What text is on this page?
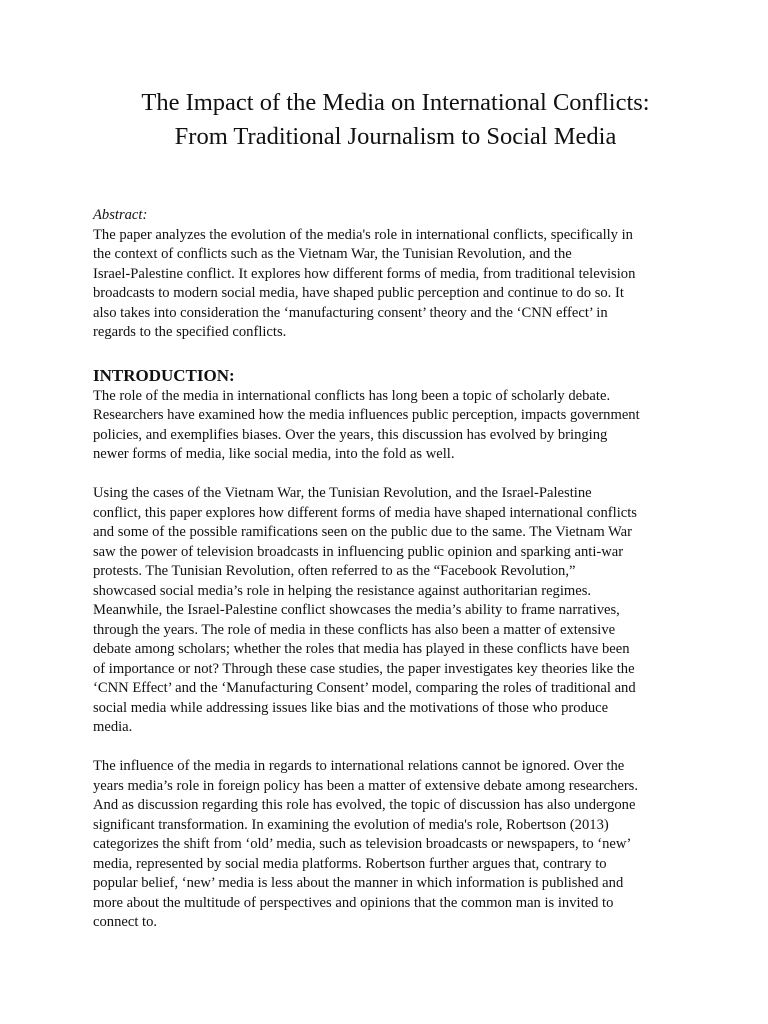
The Impact of the Media on International Conflicts:
From Traditional Journalism to Social Media
Abstract:

The paper analyzes the evolution of the media's role in international conflicts, specifically in
the context of conflicts such as the Vietnam War, the Tunisian Revolution, and the
Israel-Palestine conflict. It explores how different forms of media, from traditional television
broadcasts to modern social media, have shaped public perception and continue to do so. It
also takes into consideration the ‘manufacturing consent’ theory and the ‘CNN effect’ in
regards to the specified conflicts.

INTRODUCTION:

The role of the media in international conflicts has long been a topic of scholarly debate.
Researchers have examined how the media influences public perception, impacts government
policies, and exemplifies biases. Over the years, this discussion has evolved by bringing
newer forms of media, like social media, into the fold as well.

Using the cases of the Vietnam War, the Tunisian Revolution, and the Israel-Palestine
conflict, this paper explores how different forms of media have shaped international conflicts
and some of the possible ramifications seen on the public due to the same. The Vietnam War
saw the power of television broadcasts in influencing public opinion and sparking anti-war
protests. The Tunisian Revolution, often referred to as the “Facebook Revolution,”
showcased social media’s role in helping the resistance against authoritarian regimes.
Meanwhile, the Israel-Palestine conflict showcases the media’s ability to frame narratives,
through the years. The role of media in these conflicts has also been a matter of extensive
debate among scholars; whether the roles that media has played in these conflicts have been
of importance or not? Through these case studies, the paper investigates key theories like the
‘CNN Effect’ and the ‘Manufacturing Consent’ model, comparing the roles of traditional and
social media while addressing issues like bias and the motivations of those who produce
media.

The influence of the media in regards to international relations cannot be ignored. Over the
years media’s role in foreign policy has been a matter of extensive debate among researchers.
And as discussion regarding this role has evolved, the topic of discussion has also undergone
significant transformation. In examining the evolution of media's role, Robertson (2013)
categorizes the shift from ‘old’ media, such as television broadcasts or newspapers, to ‘new’
media, represented by social media platforms. Robertson further argues that, contrary to
popular belief, ‘new’ media is less about the manner in which information is published and
more about the multitude of perspectives and opinions that the common man is invited to
connect to.
